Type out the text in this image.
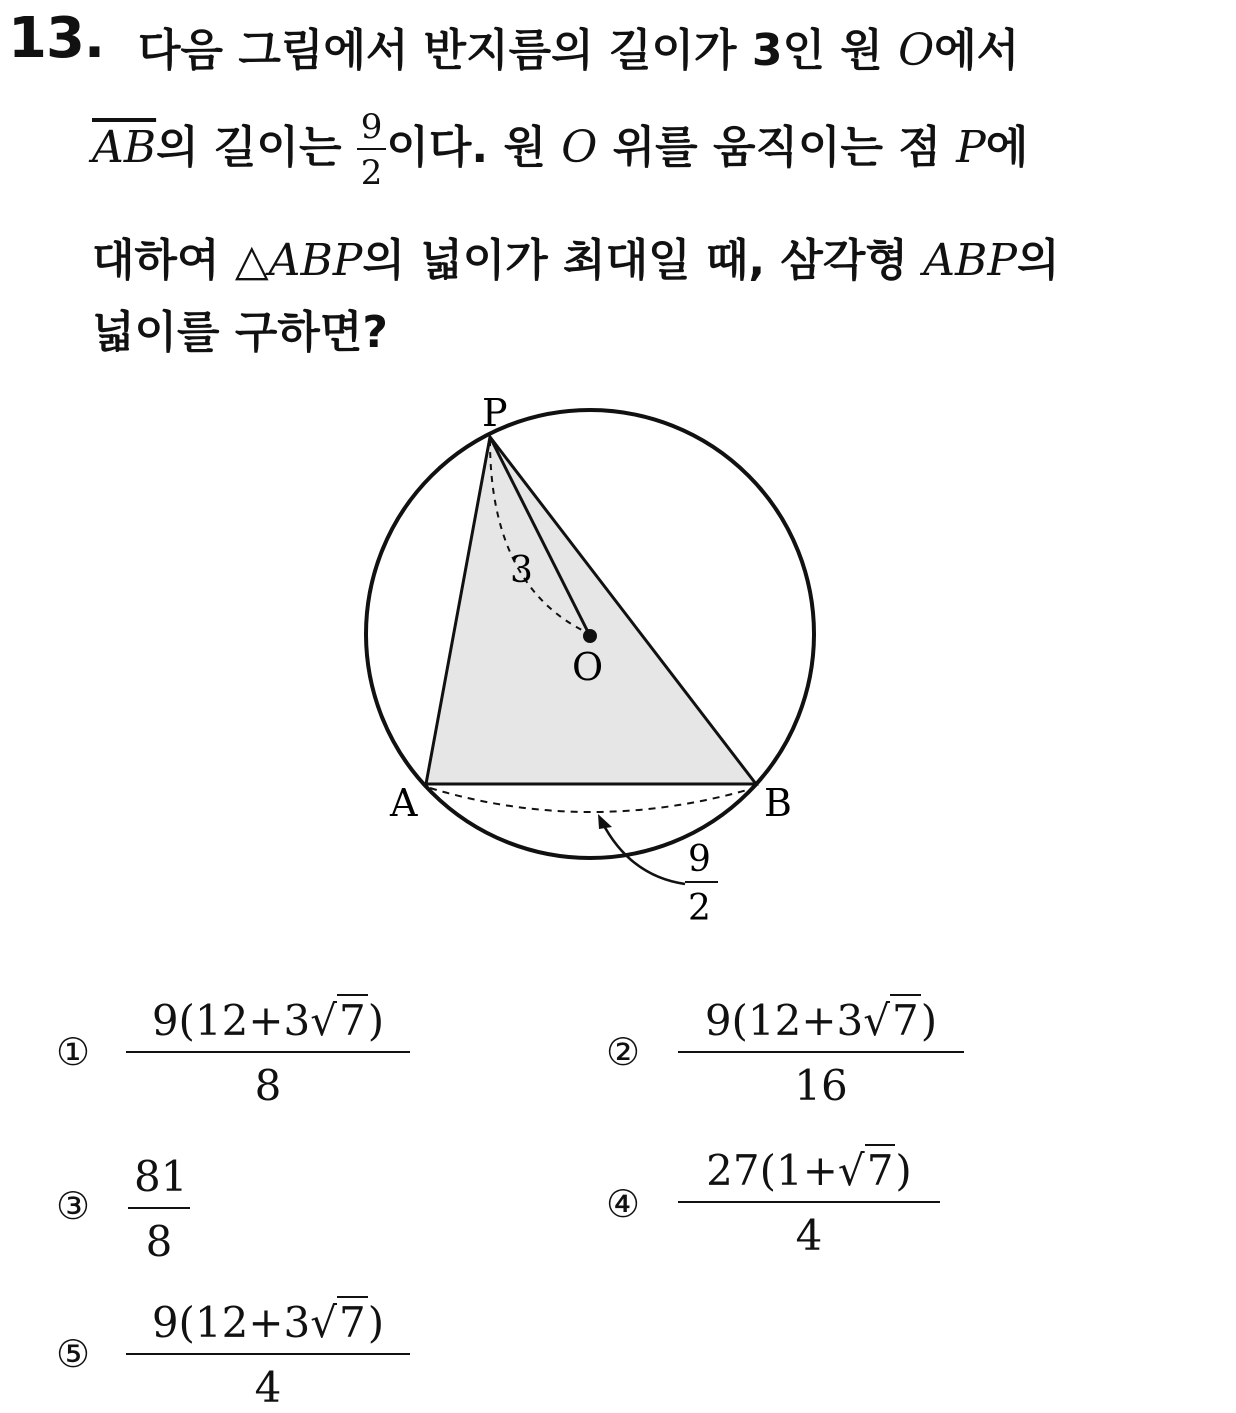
13. 다음 그림에서 반지름의 길이가 3인 원 O에서
$\overline{AB}$의 길이는 $\frac{9}{2}$ 이다. 원 O 위를 움직이는 점 P에
대하여 △ABP의 넓이가 최대일 때, 삼각형 ABP의
넓이를 구하면?
P
O
A	B
3
9
2
① $\frac{9(12+3√7)}{8}$	② $\frac{9(12+3√7)}{16}$
③ $\frac{81}{8}$	④ $\frac{27(1+√7)}{4}$
⑤ $\frac{9(12+3√7)}{4}$
